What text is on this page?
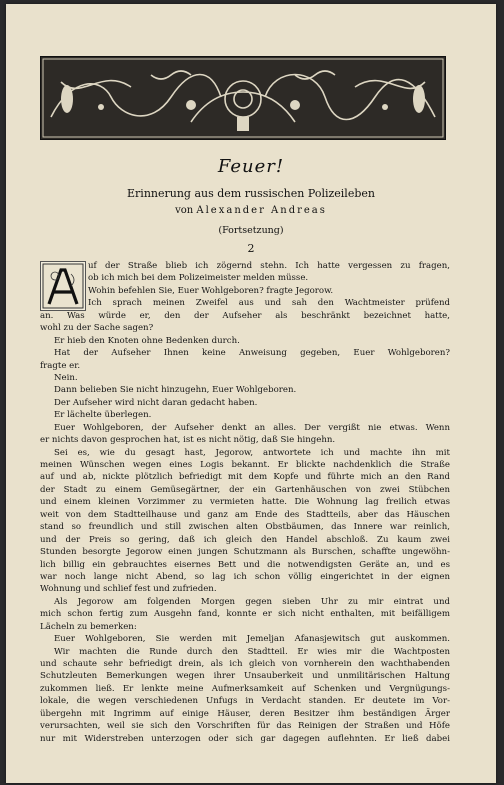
Feuer!
Erinnerung aus dem russischen Polizeileben
von Alexander Andreas
(Fortsetzung)
2
uf der Straße blieb ich zögernd stehn. Ich hatte vergessen zu fragen,
ob ich mich bei dem Polizeimeister melden müsse.
Wohin befehlen Sie, Euer Wohlgeboren? fragte Jegorow.
Ich sprach meinen Zweifel aus und sah den Wachtmeister prüfend
an. Was würde er, den der Aufseher als beschränkt bezeichnet hatte,
wohl zu der Sache sagen?
Er hieb den Knoten ohne Bedenken durch.
Hat der Aufseher Ihnen keine Anweisung gegeben, Euer Wohlgeboren?
fragte er.
Nein.
Dann belieben Sie nicht hinzugehn, Euer Wohlgeboren.
Der Aufseher wird nicht daran gedacht haben.
Er lächelte überlegen.
Euer Wohlgeboren, der Aufseher denkt an alles. Der vergißt nie etwas. Wenn
er nichts davon gesprochen hat, ist es nicht nötig, daß Sie hingehn.
Sei es, wie du gesagt hast, Jegorow, antwortete ich und machte ihn mit
meinen Wünschen wegen eines Logis bekannt. Er blickte nachdenklich die Straße
auf und ab, nickte plötzlich befriedigt mit dem Kopfe und führte mich an den Rand
der Stadt zu einem Gemüsegärtner, der ein Gartenhäuschen von zwei Stübchen
und einem kleinen Vorzimmer zu vermieten hatte. Die Wohnung lag freilich etwas
weit von dem Stadtteilhause und ganz am Ende des Stadtteils, aber das Häuschen
stand so freundlich und still zwischen alten Obstbäumen, das Innere war reinlich,
und der Preis so gering, daß ich gleich den Handel abschloß. Zu kaum zwei
Stunden besorgte Jegorow einen jungen Schutzmann als Burschen, schaffte ungewöhn-
lich billig ein gebrauchtes eisernes Bett und die notwendigsten Geräte an, und es
war noch lange nicht Abend, so lag ich schon völlig eingerichtet in der eignen
Wohnung und schlief fest und zufrieden.
Als Jegorow am folgenden Morgen gegen sieben Uhr zu mir eintrat und
mich schon fertig zum Ausgehn fand, konnte er sich nicht enthalten, mit beifälligem
Lächeln zu bemerken:
Euer Wohlgeboren, Sie werden mit Jemeljan Afanasjewitsch gut auskommen.
Wir machten die Runde durch den Stadtteil. Er wies mir die Wachtposten
und schaute sehr befriedigt drein, als ich gleich von vornherein den wachthabenden
Schutzleuten Bemerkungen wegen ihrer Unsauberkeit und unmilitärischen Haltung
zukommen ließ. Er lenkte meine Aufmerksamkeit auf Schenken und Vergnügungs-
lokale, die wegen verschiedenen Unfugs in Verdacht standen. Er deutete im Vor-
übergehn mit Ingrimm auf einige Häuser, deren Besitzer ihm beständigen Ärger
verursachten, weil sie sich den Vorschriften für das Reinigen der Straßen und Höfe
nur mit Widerstreben unterzogen oder sich gar dagegen auflehnten. Er ließ dabei
